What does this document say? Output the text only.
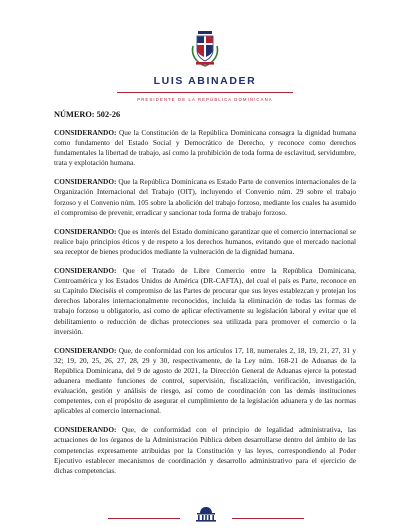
LUIS ABINADER
PRESIDENTE DE LA REPÚBLICA DOMINICANA
NÚMERO: 502-26

CONSIDERANDO: Que la Constitución de la República Dominicana consagra la dignidad humana como fundamento del Estado Social y Democrático de Derecho, y reconoce como derechos fundamentales la libertad de trabajo, así como la prohibición de toda forma de esclavitud, servidumbre, trata y explotación humana.

CONSIDERANDO: Que la República Dominicana es Estado Parte de convenios internacionales de la Organización Internacional del Trabajo (OIT), incluyendo el Convenio núm. 29 sobre el trabajo forzoso y el Convenio núm. 105 sobre la abolición del trabajo forzoso, mediante los cuales ha asumido el compromiso de prevenir, erradicar y sancionar toda forma de trabajo forzoso.

CONSIDERANDO: Que es interés del Estado dominicano garantizar que el comercio internacional se realice bajo principios éticos y de respeto a los derechos humanos, evitando que el mercado nacional sea receptor de bienes producidos mediante la vulneración de la dignidad humana.

CONSIDERANDO: Que el Tratado de Libre Comercio entre la República Dominicana, Centroamérica y los Estados Unidos de América (DR-CAFTA), del cual el país es Parte, reconoce en su Capítulo Dieciséis el compromiso de las Partes de procurar que sus leyes establezcan y protejan los derechos laborales internacionalmente reconocidos, incluida la eliminación de todas las formas de trabajo forzoso u obligatorio, así como de aplicar efectivamente su legislación laboral y evitar que el debilitamiento o reducción de dichas protecciones sea utilizada para promover el comercio o la inversión.

CONSIDERANDO: Que, de conformidad con los artículos 17, 18, numerales 2, 18, 19, 21, 27, 31 y 32; 19, 20, 25, 26, 27, 28, 29 y 30, respectivamente, de la Ley núm. 168-21 de Aduanas de la República Dominicana, del 9 de agosto de 2021, la Dirección General de Aduanas ejerce la potestad aduanera mediante funciones de control, supervisión, fiscalización, verificación, investigación, evaluación, gestión y análisis de riesgo, así como de coordinación con las demás instituciones competentes, con el propósito de asegurar el cumplimiento de la legislación aduanera y de las normas aplicables al comercio internacional.

CONSIDERANDO: Que, de conformidad con el principio de legalidad administrativa, las actuaciones de los órganos de la Administración Pública deben desarrollarse dentro del ámbito de las competencias expresamente atribuidas por la Constitución y las leyes, correspondiendo al Poder Ejecutivo establecer mecanismos de coordinación y desarrollo administrativo para el ejercicio de dichas competencias.
